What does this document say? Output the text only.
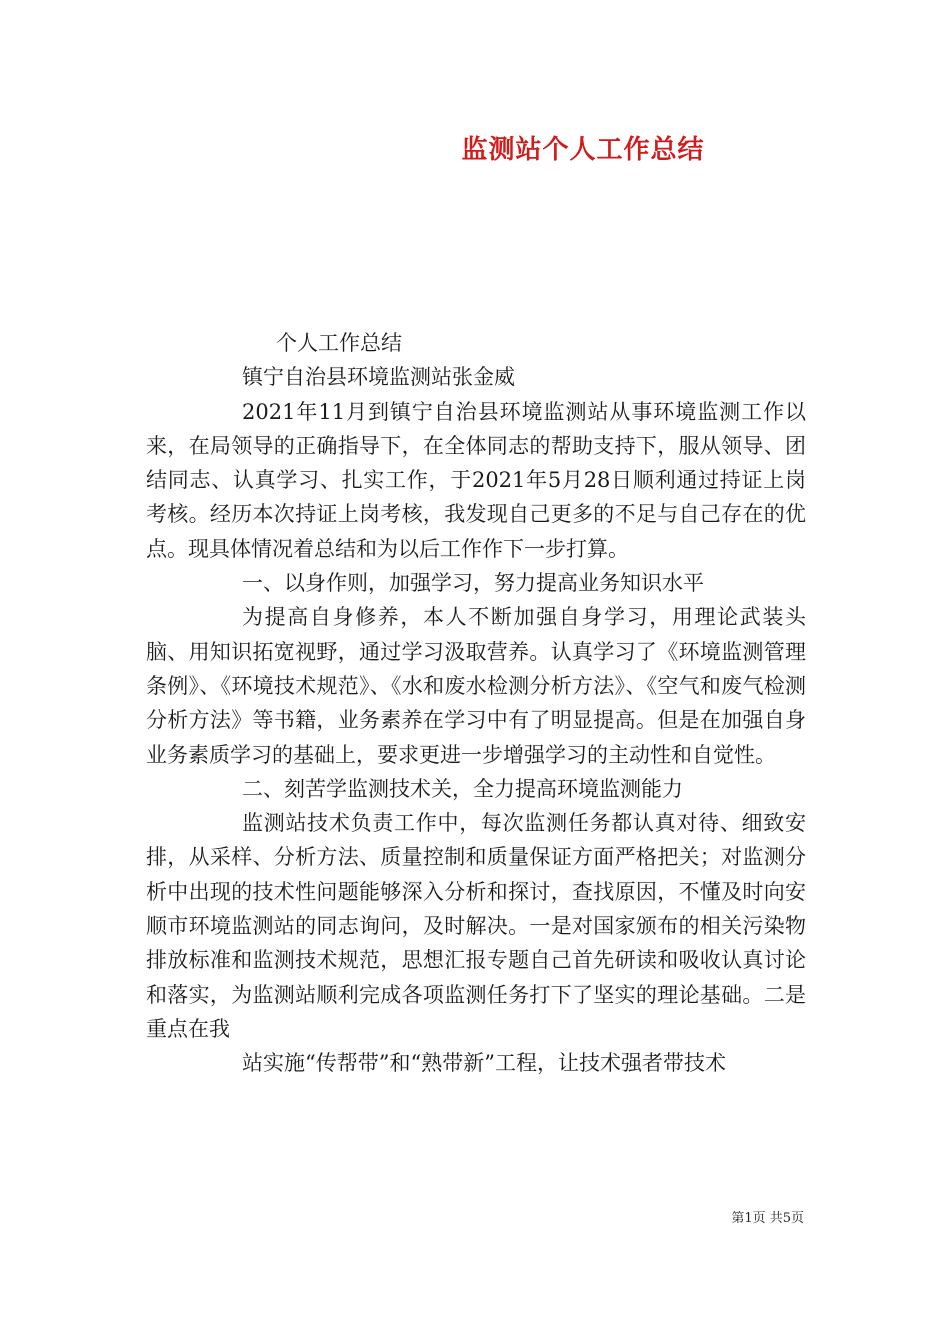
监测站个人工作总结

个人工作总结

镇宁自治县环境监测站张金威

2021年11月到镇宁自治县环境监测站从事环境监测工作以来，在局领导的正确指导下，在全体同志的帮助支持下，服从领导、团结同志、认真学习、扎实工作，于2021年5月28日顺利通过持证上岗考核。经历本次持证上岗考核，我发现自己更多的不足与自己存在的优点。现具体情况着总结和为以后工作作下一步打算。

一、以身作则，加强学习，努力提高业务知识水平

为提高自身修养，本人不断加强自身学习，用理论武装头脑、用知识拓宽视野，通过学习汲取营养。认真学习了《环境监测管理条例》、《环境技术规范》、《水和废水检测分析方法》、《空气和废气检测分析方法》等书籍，业务素养在学习中有了明显提高。但是在加强自身业务素质学习的基础上，要求更进一步增强学习的主动性和自觉性。

二、刻苦学监测技术关，全力提高环境监测能力

监测站技术负责工作中，每次监测任务都认真对待、细致安排，从采样、分析方法、质量控制和质量保证方面严格把关；对监测分析中出现的技术性问题能够深入分析和探讨，查找原因，不懂及时向安顺市环境监测站的同志询问，及时解决。一是对国家颁布的相关污染物排放标准和监测技术规范，思想汇报专题自己首先研读和吸收认真讨论和落实，为监测站顺利完成各项监测任务打下了坚实的理论基础。二是重点在我

站实施“传帮带”和“熟带新”工程，让技术强者带技术

第1页 共5页
